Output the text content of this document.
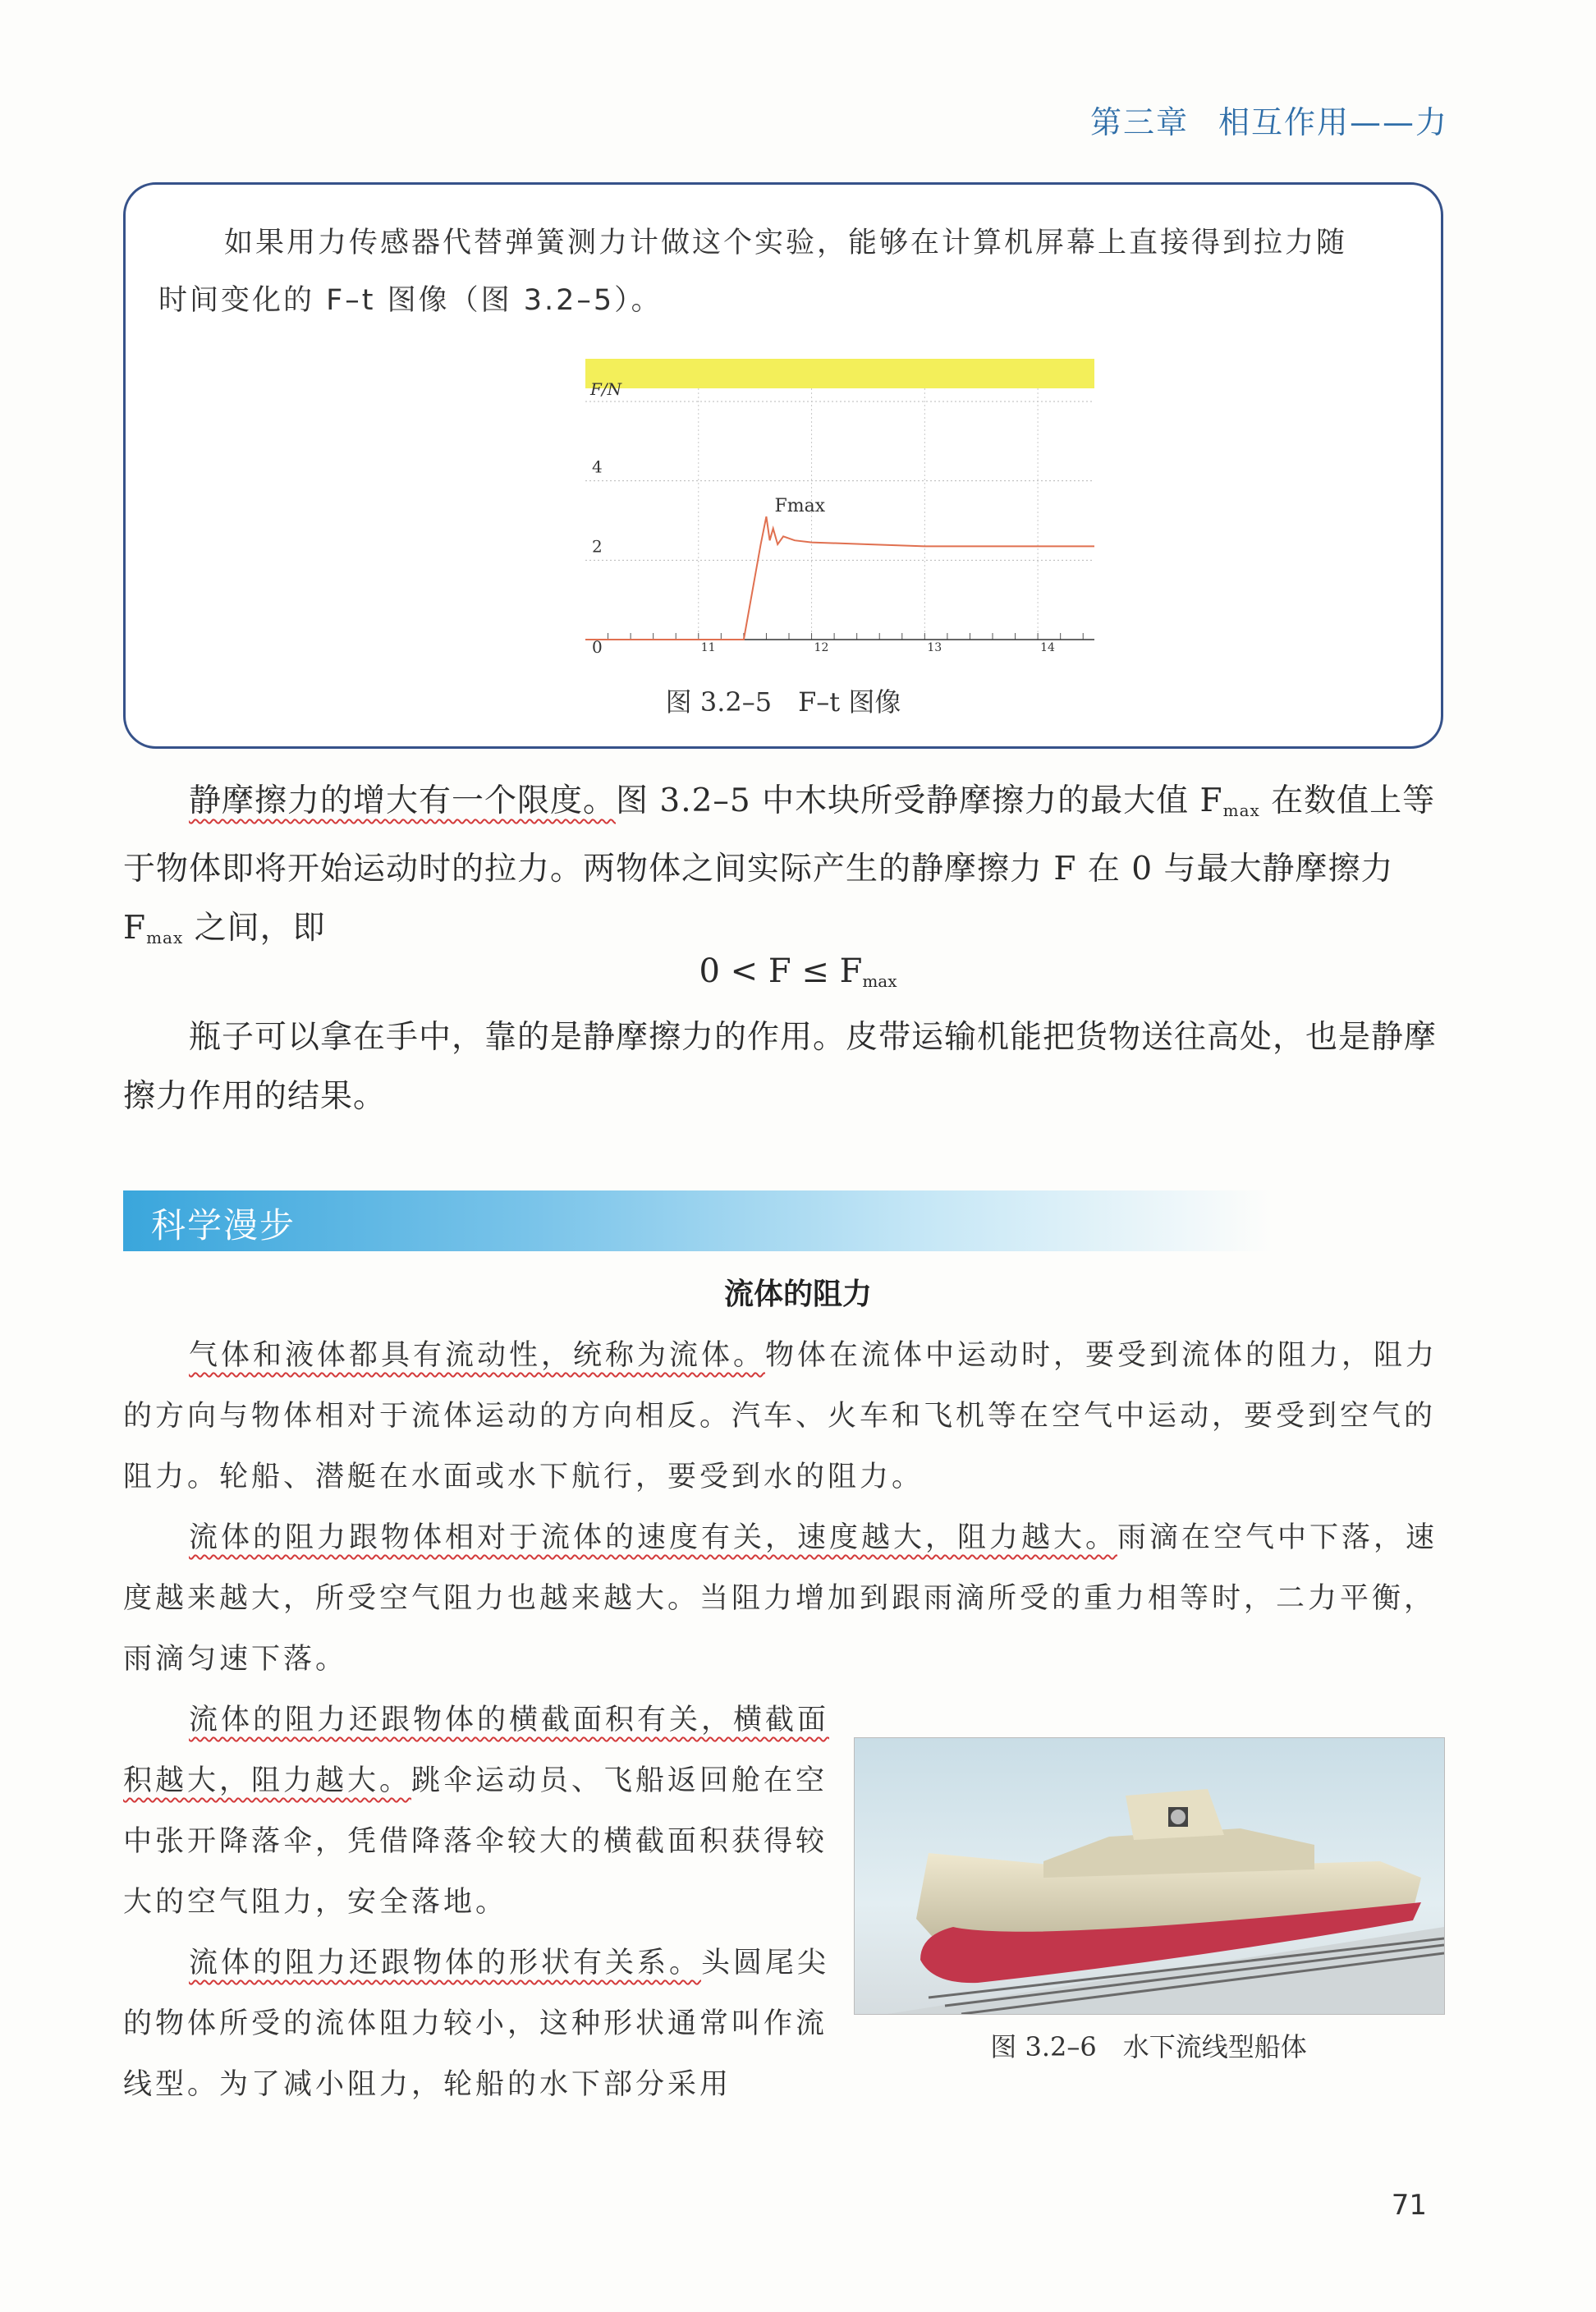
第三章 相互作用——力
如果用力传感器代替弹簧测力计做这个实验，能够在计算机屏幕上直接得到拉力随
时间变化的 F–t 图像（图 3.2–5）。
F/N
0
2
4
11	12	13	14
Fmax
图 3.2–5　F–t 图像
静摩擦力的增大有一个限度。图 3.2–5 中木块所受静摩擦力的最大值 $F_{max}$ 在数值上等于物体即将开始运动时的拉力。两物体之间实际产生的静摩擦力 F 在 0 与最大静摩擦力 $F_{max}$ 之间，即
$0 < F \le F_{max}$
瓶子可以拿在手中，靠的是静摩擦力的作用。皮带运输机能把货物送往高处，也是静摩擦力作用的结果。
科学漫步
流体的阻力
气体和液体都具有流动性，统称为流体。物体在流体中运动时，要受到流体的阻力，阻力的方向与物体相对于流体运动的方向相反。汽车、火车和飞机等在空气中运动，要受到空气的阻力。轮船、潜艇在水面或水下航行，要受到水的阻力。
流体的阻力跟物体相对于流体的速度有关，速度越大，阻力越大。雨滴在空气中下落，速度越来越大，所受空气阻力也越来越大。当阻力增加到跟雨滴所受的重力相等时，二力平衡，雨滴匀速下落。
流体的阻力还跟物体的横截面积有关，横截面积越大，阻力越大。跳伞运动员、飞船返回舱在空中张开降落伞，凭借降落伞较大的横截面积获得较大的空气阻力，安全落地。
流体的阻力还跟物体的形状有关系。头圆尾尖的物体所受的流体阻力较小，这种形状通常叫作流线型。为了减小阻力，轮船的水下部分采用
图 3.2–6　水下流线型船体
71
